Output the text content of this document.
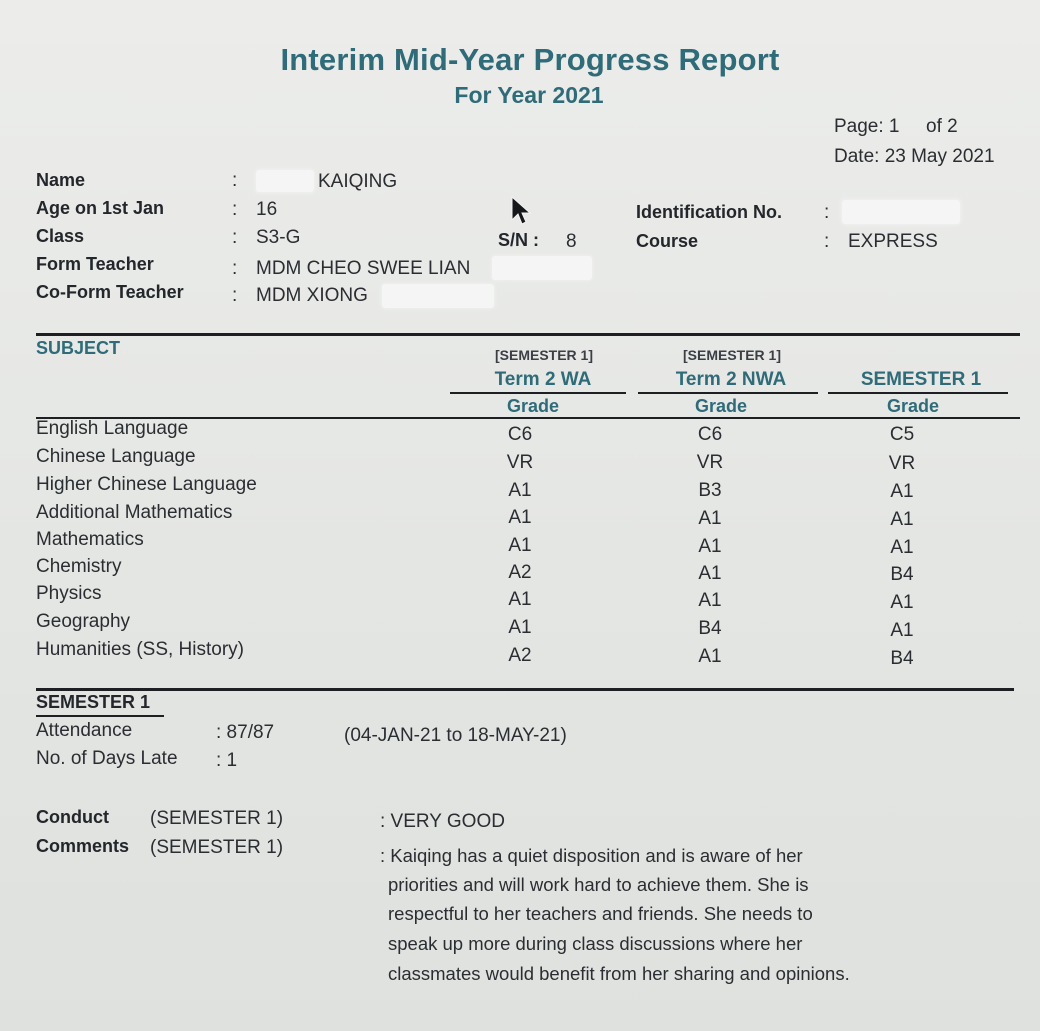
Interim Mid-Year Progress Report
For Year 2021
Page: 1 of 2
Date: 23 May 2021
Name	:	KAIQING
Age on 1st Jan	: 16
Class	: S3-G	S/N : 8
Form Teacher	: MDM CHEO SWEE LIAN
Co-Form Teacher	: MDM XIONG
Identification No. :
Course	: EXPRESS
SUBJECT	[SEMESTER 1]	[SEMESTER 1]
Term 2 WA	Term 2 NWA	SEMESTER 1
Grade	Grade	Grade
English Language	C6	C6	C5
Chinese Language	VR	VR	VR
Higher Chinese Language	A1	B3	A1
Additional Mathematics	A1	A1	A1
Mathematics	A1	A1	A1
Chemistry	A2	A1	B4
Physics	A1	A1	A1
Geography	A1	B4	A1
Humanities (SS, History)	A2	A1	B4
SEMESTER 1
Attendance	: 87/87	(04-JAN-21 to 18-MAY-21)
No. of Days Late : 1
Conduct (SEMESTER 1)	: VERY GOOD
Comments (SEMESTER 1)	: Kaiqing has a quiet disposition and is aware of her
priorities and will work hard to achieve them. She is
respectful to her teachers and friends. She needs to
speak up more during class discussions where her
classmates would benefit from her sharing and opinions.
